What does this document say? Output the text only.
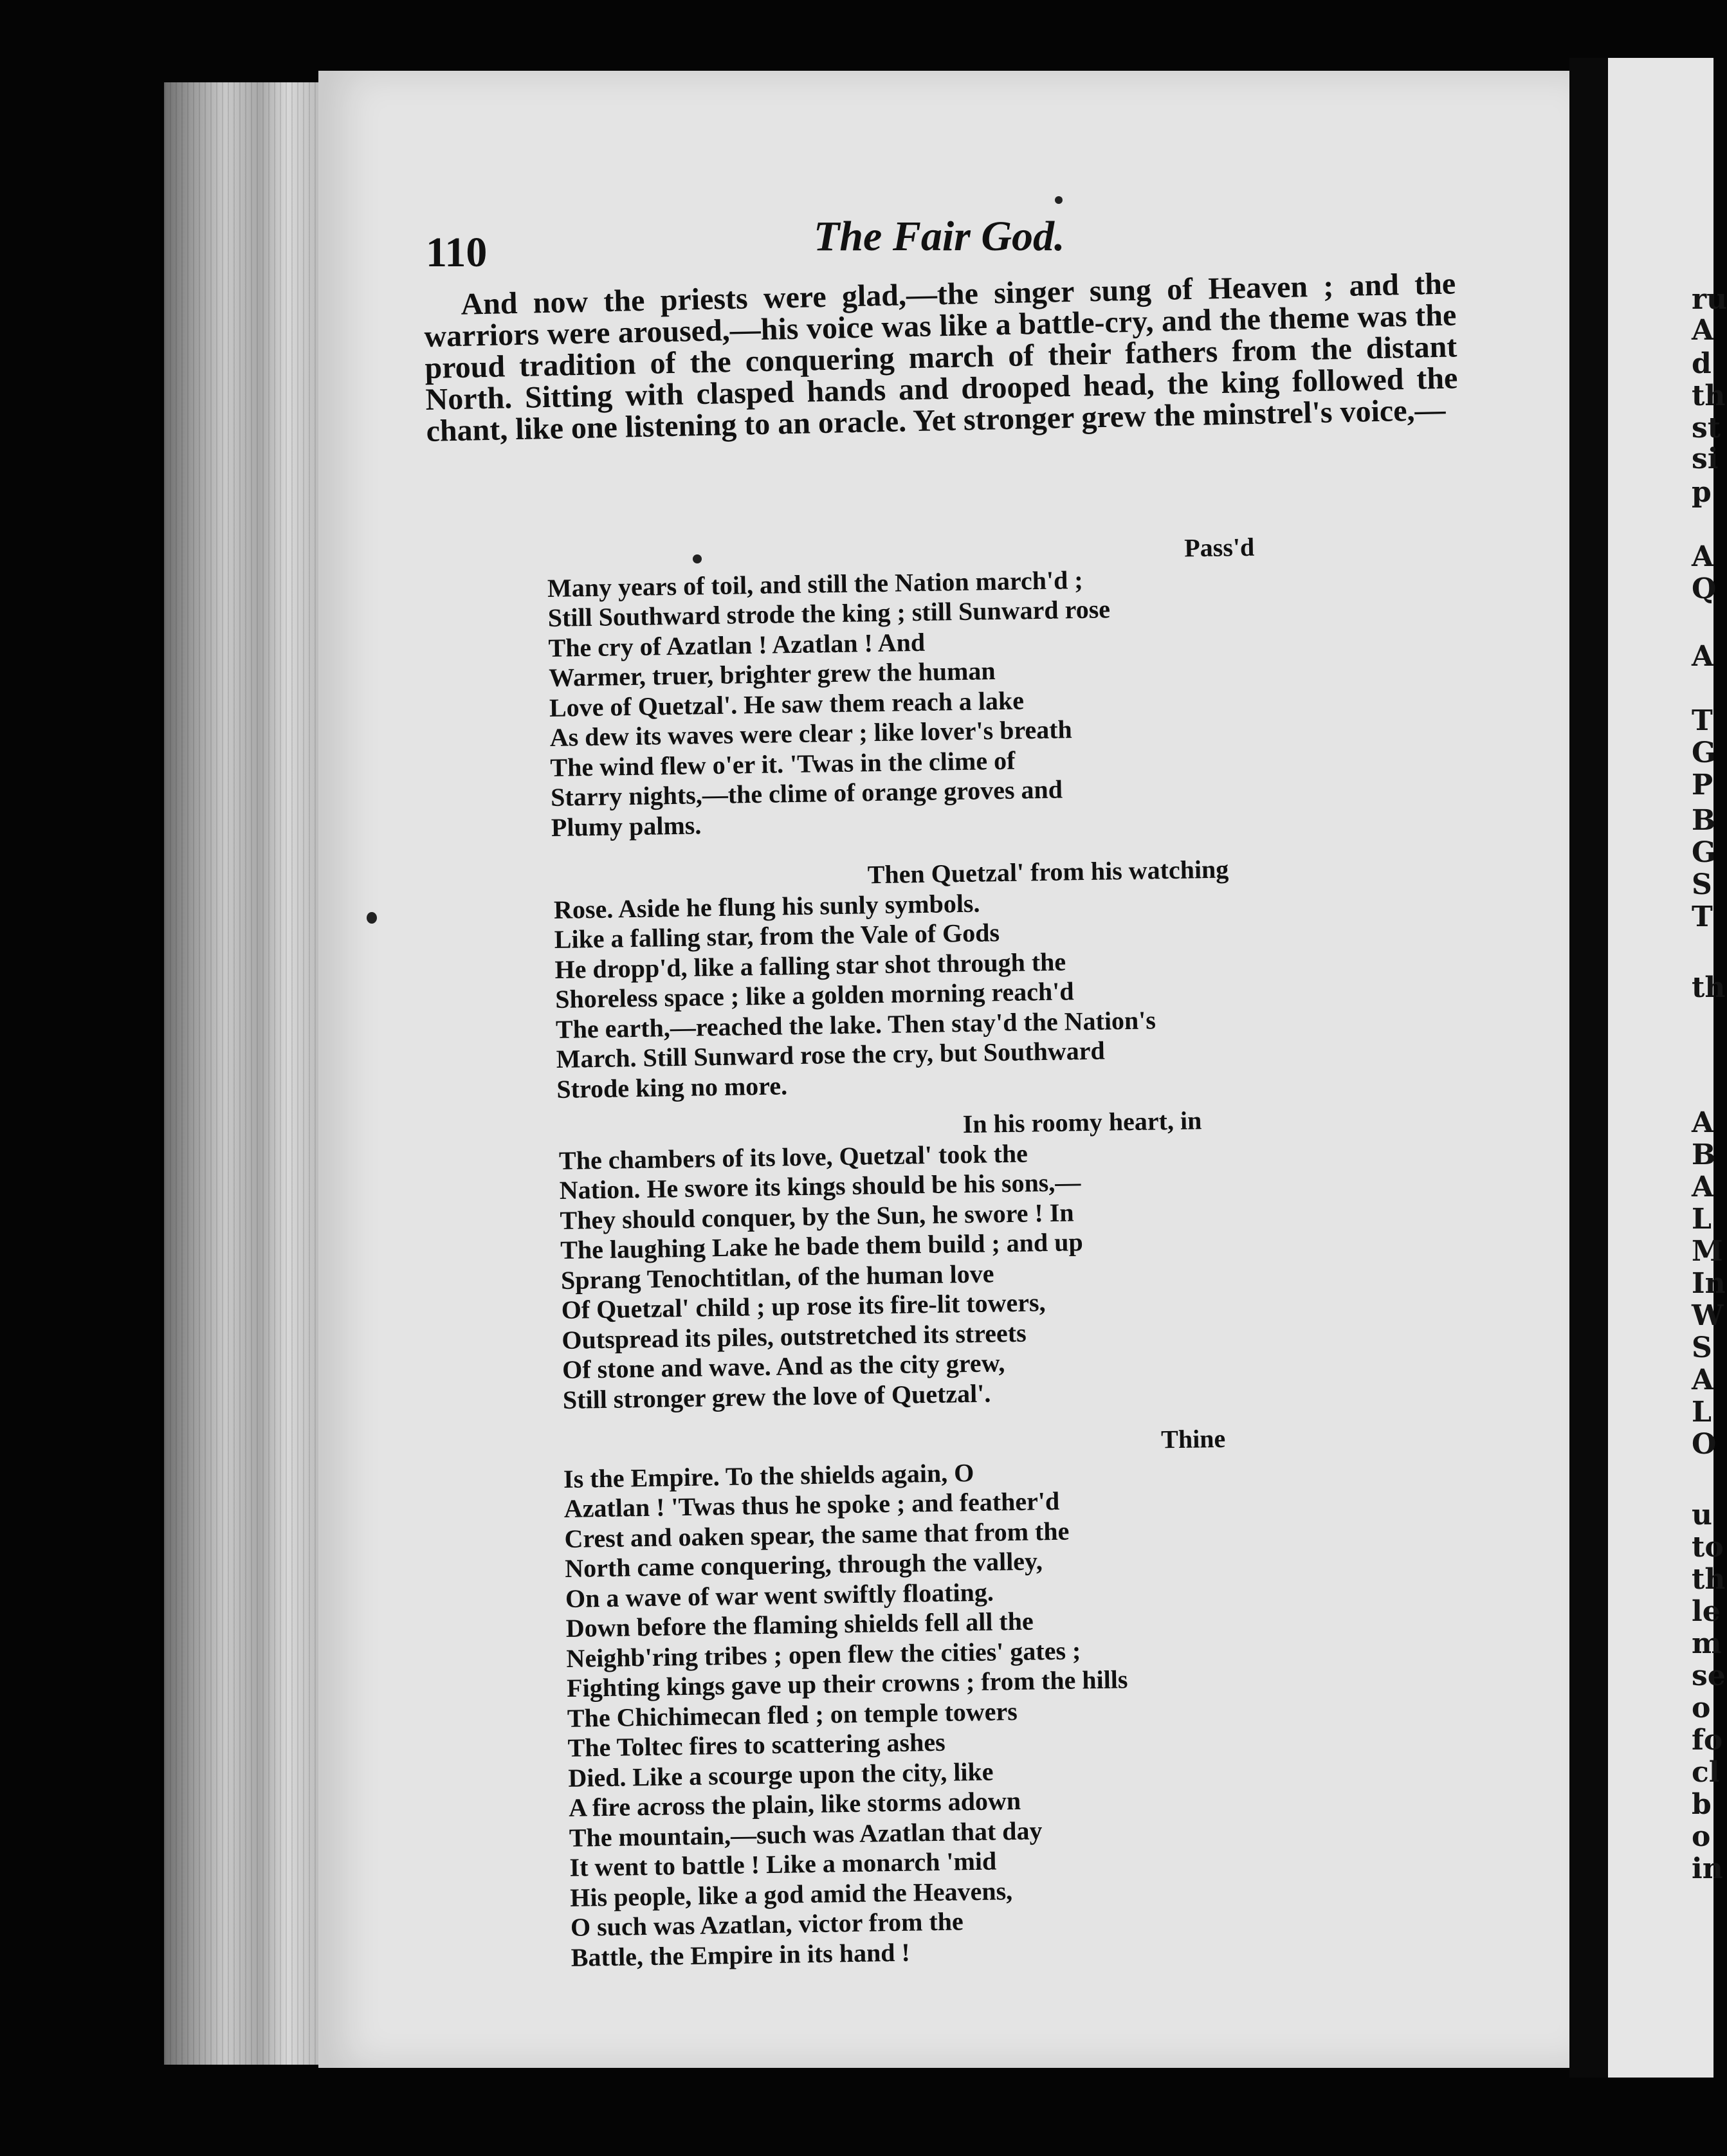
ru
A
d
th
st
si
p
A
Q
A
T
G
P
B
G
S
T
th
A
B
A
L
M
In
W
S
A
L
O
u
to
th
le
m
se
o
fo
cl
b
o
in
110	The Fair God.

And now the priests were glad,—the singer sung of Heaven ; and the warriors were aroused,—his voice was like a battle-cry, and the theme was the proud tradition of the conquering march of their fathers from the distant North. Sitting with clasped hands and drooped head, the king followed the chant, like one listening to an oracle. Yet stronger grew the minstrel's voice,—

Pass'd
Many years of toil, and still the Nation march'd ;
Still Southward strode the king ; still Sunward rose
The cry of Azatlan ! Azatlan ! And
Warmer, truer, brighter grew the human
Love of Quetzal'. He saw them reach a lake
As dew its waves were clear ; like lover's breath
The wind flew o'er it. 'Twas in the clime of
Starry nights,—the clime of orange groves and
Plumy palms.
Then Quetzal' from his watching
Rose. Aside he flung his sunly symbols.
Like a falling star, from the Vale of Gods
He dropp'd, like a falling star shot through the
Shoreless space ; like a golden morning reach'd
The earth,—reached the lake. Then stay'd the Nation's
March. Still Sunward rose the cry, but Southward
Strode king no more.
In his roomy heart, in
The chambers of its love, Quetzal' took the
Nation. He swore its kings should be his sons,—
They should conquer, by the Sun, he swore ! In
The laughing Lake he bade them build ; and up
Sprang Tenochtitlan, of the human love
Of Quetzal' child ; up rose its fire-lit towers,
Outspread its piles, outstretched its streets
Of stone and wave. And as the city grew,
Still stronger grew the love of Quetzal'.
Thine
Is the Empire. To the shields again, O
Azatlan ! 'Twas thus he spoke ; and feather'd
Crest and oaken spear, the same that from the
North came conquering, through the valley,
On a wave of war went swiftly floating.
Down before the flaming shields fell all the
Neighb'ring tribes ; open flew the cities' gates ;
Fighting kings gave up their crowns ; from the hills
The Chichimecan fled ; on temple towers
The Toltec fires to scattering ashes
Died. Like a scourge upon the city, like
A fire across the plain, like storms adown
The mountain,—such was Azatlan that day
It went to battle ! Like a monarch 'mid
His people, like a god amid the Heavens,
O such was Azatlan, victor from the
Battle, the Empire in its hand !
